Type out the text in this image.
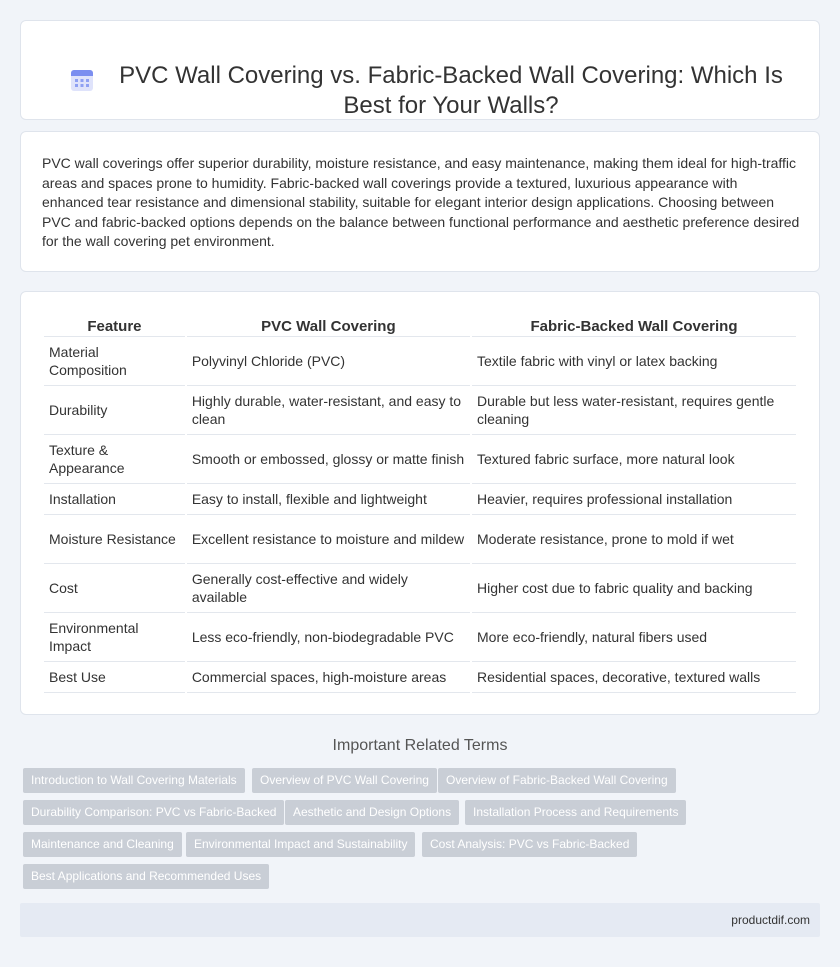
PVC Wall Covering vs. Fabric-Backed Wall Covering: Which Is Best for Your Walls?

PVC wall coverings offer superior durability, moisture resistance, and easy maintenance, making them ideal for high-traffic areas and spaces prone to humidity. Fabric-backed wall coverings provide a textured, luxurious appearance with enhanced tear resistance and dimensional stability, suitable for elegant interior design applications. Choosing between PVC and fabric-backed options depends on the balance between functional performance and aesthetic preference desired for the wall covering pet environment.

Feature	PVC Wall Covering	Fabric-Backed Wall Covering
Material Composition	Polyvinyl Chloride (PVC)	Textile fabric with vinyl or latex backing
Durability	Highly durable, water-resistant, and easy to clean	Durable but less water-resistant, requires gentle cleaning
Texture & Appearance	Smooth or embossed, glossy or matte finish	Textured fabric surface, more natural look
Installation	Easy to install, flexible and lightweight	Heavier, requires professional installation
Moisture Resistance	Excellent resistance to moisture and mildew	Moderate resistance, prone to mold if wet
Cost	Generally cost-effective and widely available	Higher cost due to fabric quality and backing
Environmental Impact	Less eco-friendly, non-biodegradable PVC	More eco-friendly, natural fibers used
Best Use	Commercial spaces, high-moisture areas	Residential spaces, decorative, textured walls
Important Related Terms
Introduction to Wall Covering Materials	Overview of PVC Wall Covering	Overview of Fabric-Backed Wall Covering
Durability Comparison: PVC vs Fabric-Backed	Aesthetic and Design Options	Installation Process and Requirements
Maintenance and Cleaning	Environmental Impact and Sustainability	Cost Analysis: PVC vs Fabric-Backed
Best Applications and Recommended Uses
productdif.com
